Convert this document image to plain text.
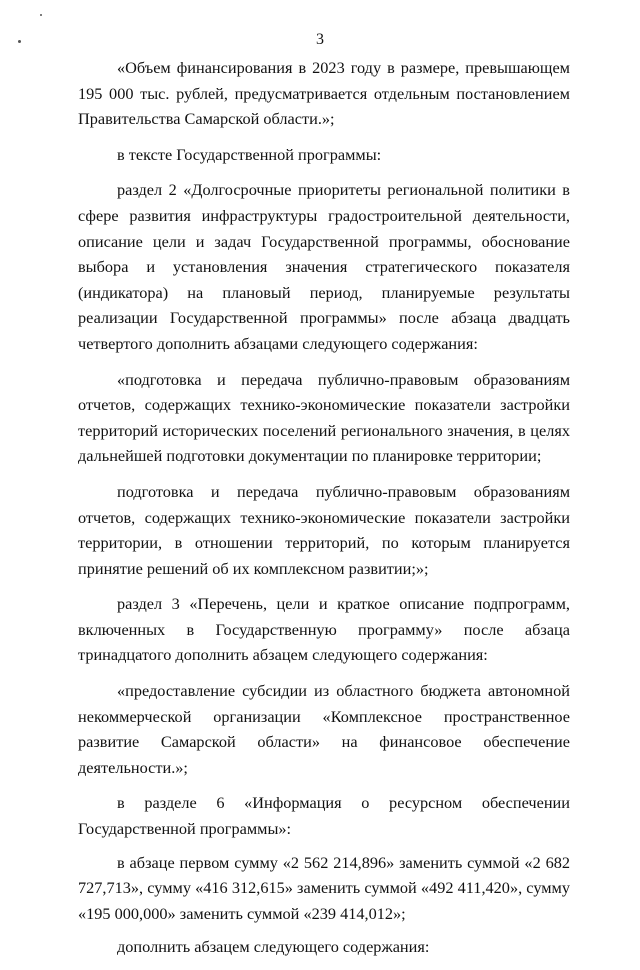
3

«Объем финансирования в 2023 году в размере, превышающем 195 000 тыс. рублей, предусматривается отдельным постановлением Правительства Самарской области.»;

в тексте Государственной программы:

раздел 2 «Долгосрочные приоритеты региональной политики в сфере развития инфраструктуры градостроительной деятельности, описание цели и задач Государственной программы, обоснование выбора и установления значения стратегического показателя (индикатора) на плановый период, планируемые результаты реализации Государственной программы» после абзаца двадцать четвертого дополнить абзацами следующего содержания:

«подготовка и передача публично-правовым образованиям отчетов, содержащих технико-экономические показатели застройки территорий исторических поселений регионального значения, в целях дальнейшей подготовки документации по планировке территории;

подготовка и передача публично-правовым образованиям отчетов, содержащих технико-экономические показатели застройки территории, в отношении территорий, по которым планируется принятие решений об их комплексном развитии;»;

раздел 3 «Перечень, цели и краткое описание подпрограмм, включенных в Государственную программу» после абзаца тринадцатого дополнить абзацем следующего содержания:

«предоставление субсидии из областного бюджета автономной некоммерческой организации «Комплексное пространственное развитие Самарской области» на финансовое обеспечение деятельности.»;

в разделе 6 «Информация о ресурсном обеспечении Государственной программы»:

в абзаце первом сумму «2 562 214,896» заменить суммой «2 682 727,713», сумму «416 312,615» заменить суммой «492 411,420», сумму «195 000,000» заменить суммой «239 414,012»;

дополнить абзацем следующего содержания:
